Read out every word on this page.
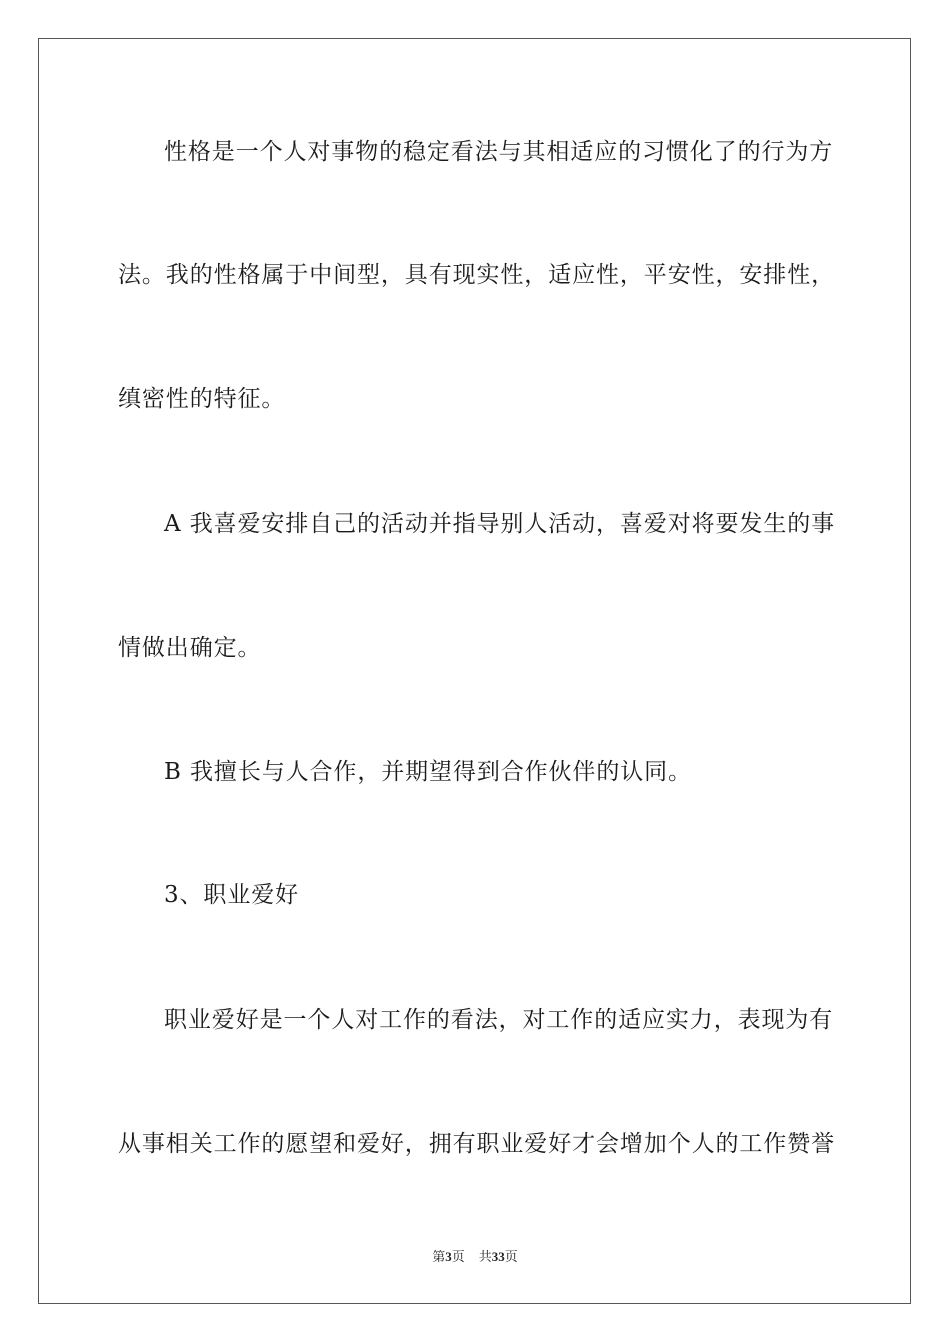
性格是一个人对事物的稳定看法与其相适应的习惯化了的行为方
法。我的性格属于中间型，具有现实性，适应性，平安性，安排性，
缜密性的特征。
A 我喜爱安排自己的活动并指导别人活动，喜爱对将要发生的事
情做出确定。
B 我擅长与人合作，并期望得到合作伙伴的认同。
3、职业爱好
职业爱好是一个人对工作的看法，对工作的适应实力，表现为有
从事相关工作的愿望和爱好，拥有职业爱好才会增加个人的工作赞誉
第3页 共33页
